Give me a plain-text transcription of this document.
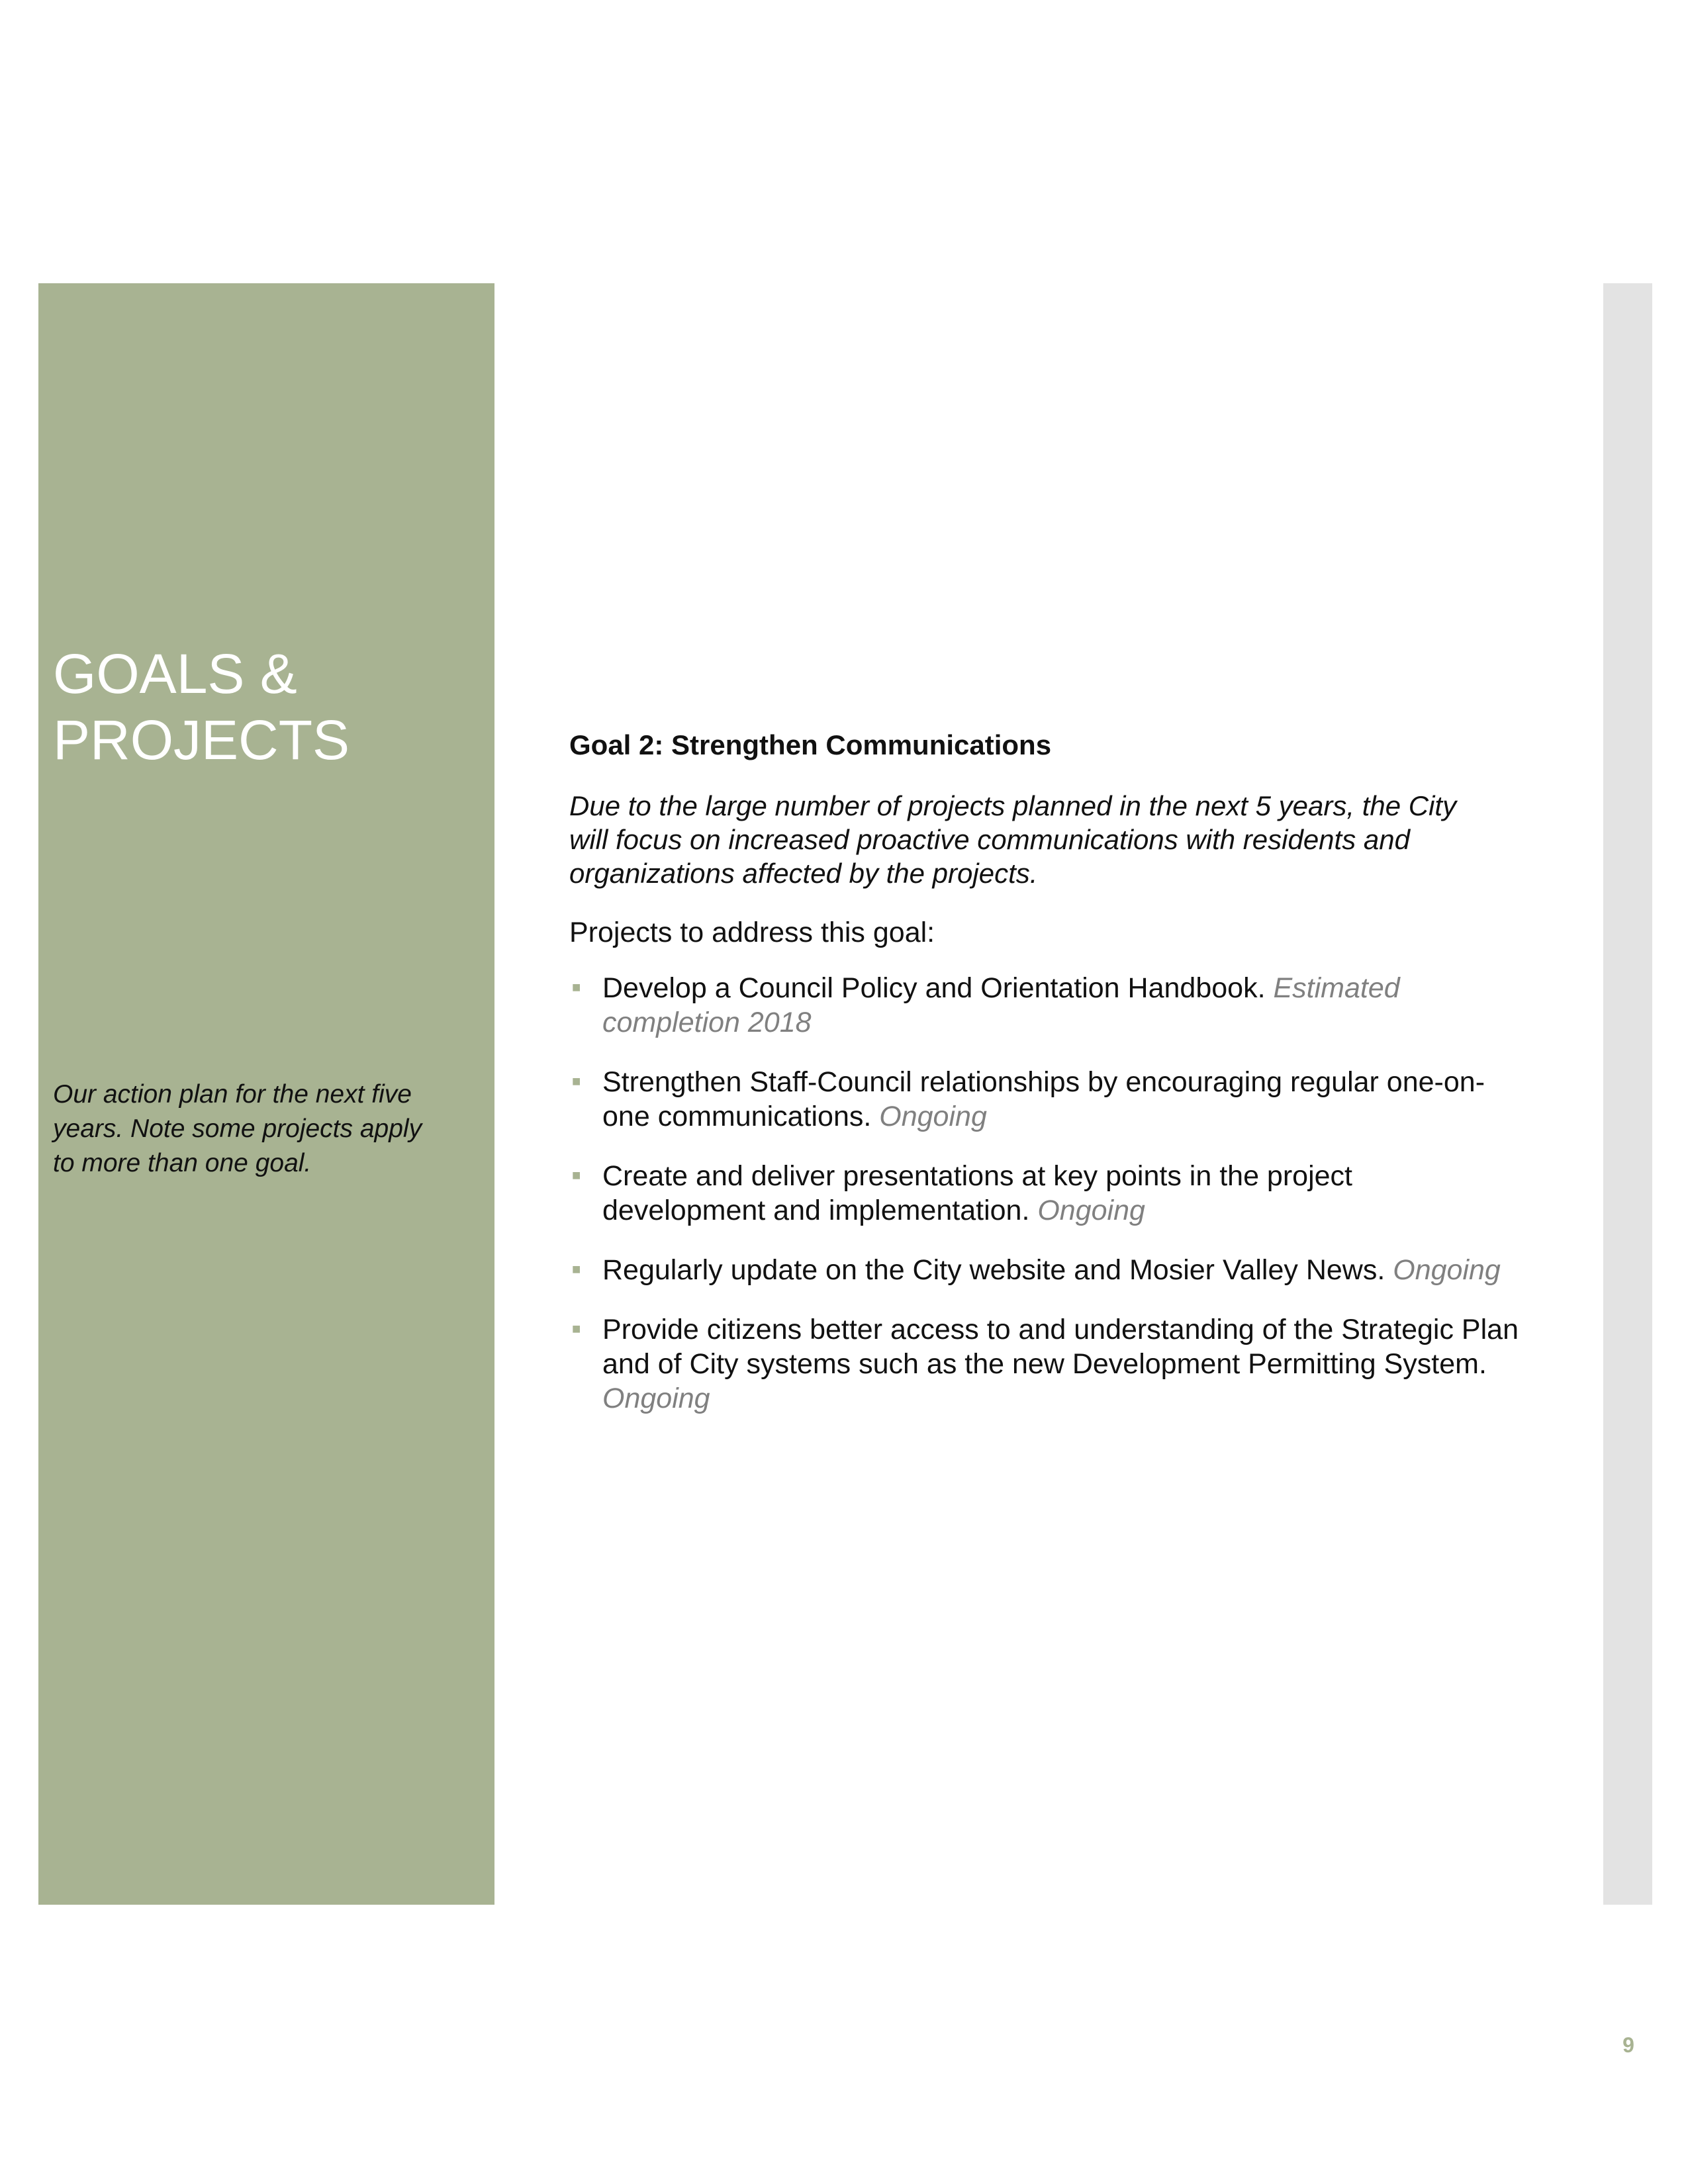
GOALS & PROJECTS

Our action plan for the next five years. Note some projects apply to more than one goal.

Goal 2: Strengthen Communications

Due to the large number of projects planned in the next 5 years, the City will focus on increased proactive communications with residents and organizations affected by the projects.

Projects to address this goal:

■ Develop a Council Policy and Orientation Handbook. Estimated completion 2018
■ Strengthen Staff-Council relationships by encouraging regular one-on-one communications. Ongoing
■ Create and deliver presentations at key points in the project development and implementation. Ongoing
■ Regularly update on the City website and Mosier Valley News. Ongoing
■ Provide citizens better access to and understanding of the Strategic Plan and of City systems such as the new Development Permitting System. Ongoing
9
